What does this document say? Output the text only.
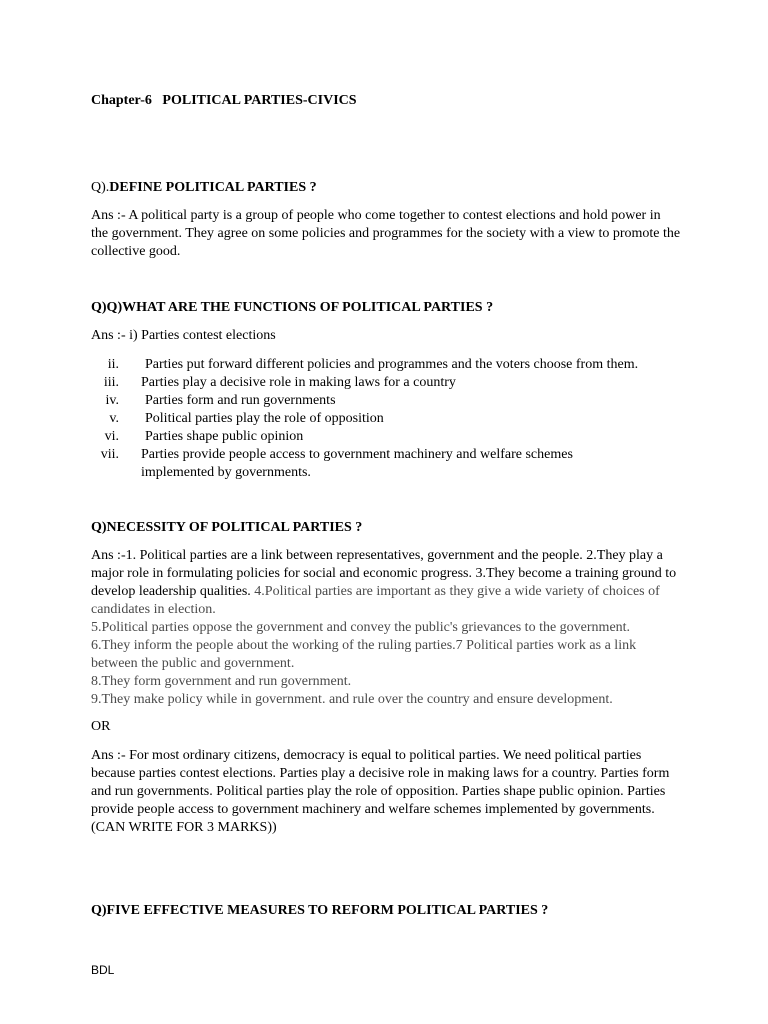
Chapter-6 POLITICAL PARTIES-CIVICS
Q).DEFINE POLITICAL PARTIES ?

Ans :- A political party is a group of people who come together to contest elections and hold power in the government. They agree on some policies and programmes for the society with a view to promote the collective good.

Q)Q)WHAT ARE THE FUNCTIONS OF POLITICAL PARTIES ?
Ans :- i) Parties contest elections
ii. Parties put forward different policies and programmes and the voters choose from them.
iii. Parties play a decisive role in making laws for a country
iv. Parties form and run governments
v. Political parties play the role of opposition
vi. Parties shape public opinion
vii. Parties provide people access to government machinery and welfare schemes implemented by governments.
Q)NECESSITY OF POLITICAL PARTIES ?

Ans :-1. Political parties are a link between representatives, government and the people. 2.They play a major role in formulating policies for social and economic progress. 3.They become a training ground to develop leadership qualities. 4.Political parties are important as they give a wide variety of choices of candidates in election.
5.Political parties oppose the government and convey the public's grievances to the government.
6.They inform the people about the working of the ruling parties.7 Political parties work as a link between the public and government.
8.They form government and run government.
9.They make policy while in government. and rule over the country and ensure development.

OR

Ans :- For most ordinary citizens, democracy is equal to political parties. We need political parties because parties contest elections. Parties play a decisive role in making laws for a country. Parties form and run governments. Political parties play the role of opposition. Parties shape public opinion. Parties provide people access to government machinery and welfare schemes implemented by governments. (CAN WRITE FOR 3 MARKS))

Q)FIVE EFFECTIVE MEASURES TO REFORM POLITICAL PARTIES ?
BDL
